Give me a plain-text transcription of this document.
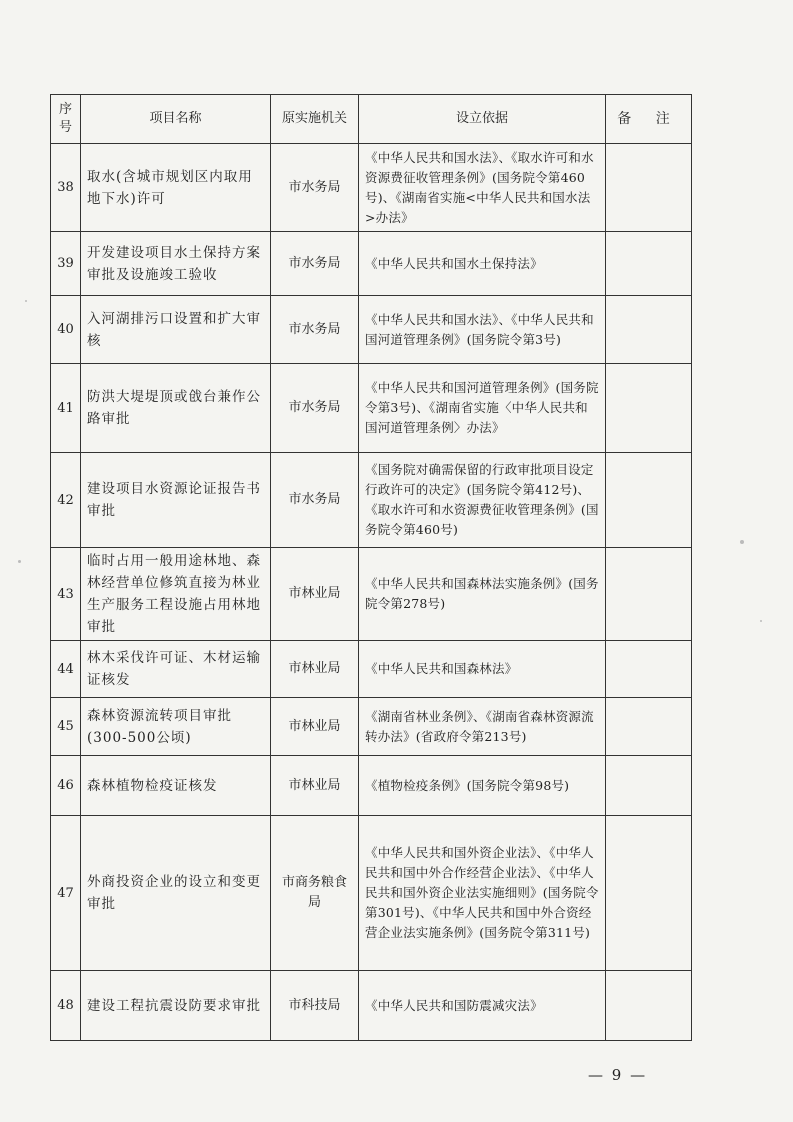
序号	项目名称	原实施机关	设立依据	备 注
38	取水(含城市规划区内取用地下水)许可	市水务局	《中华人民共和国水法》、《取水许可和水资源费征收管理条例》(国务院令第460号)、《湖南省实施<中华人民共和国水法>办法》	
39	开发建设项目水土保持方案审批及设施竣工验收	市水务局	《中华人民共和国水土保持法》	
40	入河湖排污口设置和扩大审核	市水务局	《中华人民共和国水法》、《中华人民共和国河道管理条例》(国务院令第3号)	
41	防洪大堤堤顶或戗台兼作公路审批	市水务局	《中华人民共和国河道管理条例》(国务院令第3号)、《湖南省实施〈中华人民共和国河道管理条例〉办法》	
42	建设项目水资源论证报告书审批	市水务局	《国务院对确需保留的行政审批项目设定行政许可的决定》(国务院令第412号)、《取水许可和水资源费征收管理条例》(国务院令第460号)	
43	临时占用一般用途林地、森林经营单位修筑直接为林业生产服务工程设施占用林地审批	市林业局	《中华人民共和国森林法实施条例》(国务院令第278号)	
44	林木采伐许可证、木材运输证核发	市林业局	《中华人民共和国森林法》	
45	森林资源流转项目审批(300-500公顷)	市林业局	《湖南省林业条例》、《湖南省森林资源流转办法》(省政府令第213号)	
46	森林植物检疫证核发	市林业局	《植物检疫条例》(国务院令第98号)	
47	外商投资企业的设立和变更审批	市商务粮食局	《中华人民共和国外资企业法》、《中华人民共和国中外合作经营企业法》、《中华人民共和国外资企业法实施细则》(国务院令第301号)、《中华人民共和国中外合资经营企业法实施条例》(国务院令第311号)	
48	建设工程抗震设防要求审批	市科技局	《中华人民共和国防震减灾法》	
— 9 —
